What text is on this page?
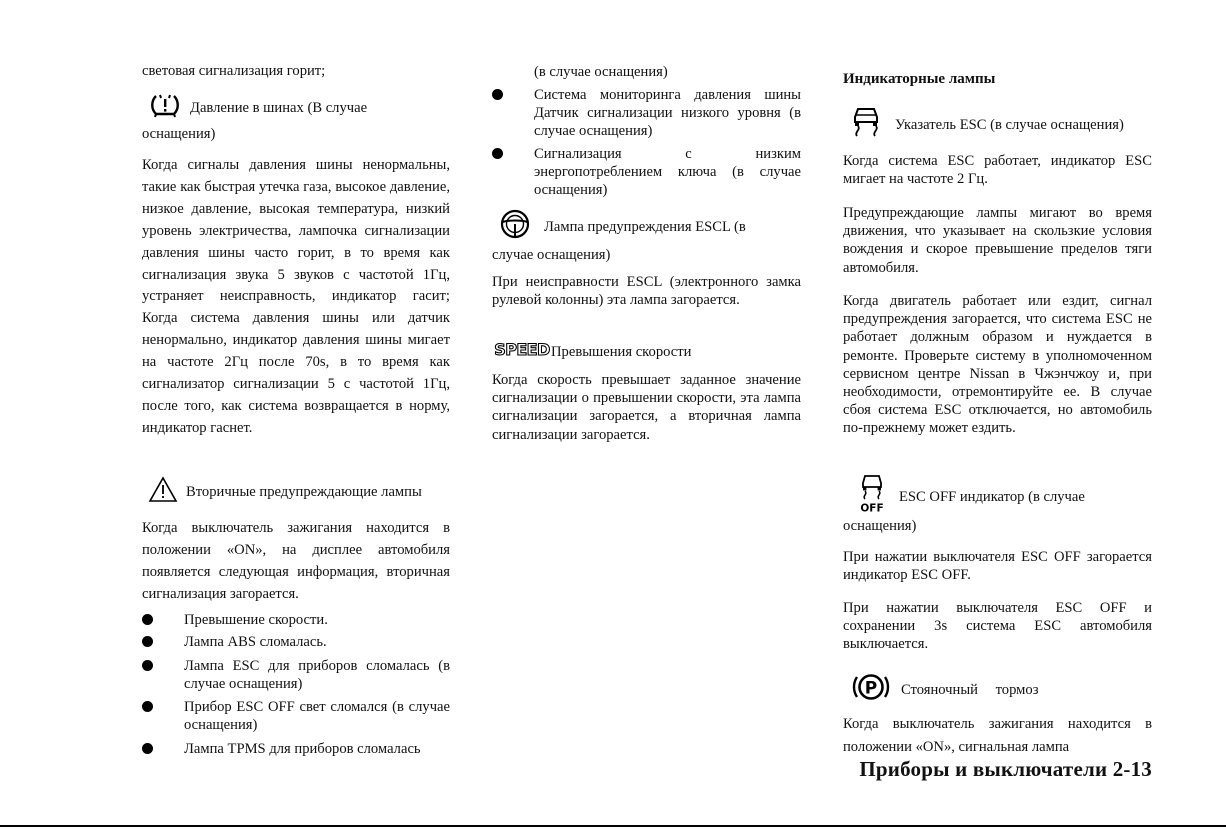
световая сигнализация горит;
Давление в шинах (В случае
оснащения)

Когда сигналы давления шины ненормальны, такие как быстрая утечка газа, высокое давление, низкое давление, высокая температура, низкий уровень электричества, лампочка сигнализации давления шины часто горит, в то время как сигнализация звука 5 звуков с частотой 1Гц, устраняет неисправность, индикатор гасит; Когда система давления шины или датчик ненормально, индикатор давления шины мигает на частоте 2Гц после 70s, в то время как сигнализатор сигнализации 5 с частотой 1Гц, после того, как система возвращается в норму, индикатор гаснет.

Вторичные предупреждающие лампы

Когда выключатель зажигания находится в положении «ON», на дисплее автомобиля появляется следующая информация, вторичная сигнализация загорается.

Превышение скорости.
Лампа ABS сломалась.
Лампа ESC для приборов сломалась (в случае оснащения)
Прибор ESC OFF свет сломался (в случае оснащения)
Лампа TPMS для приборов сломалась
(в случае оснащения)
Система мониторинга давления шины Датчик сигнализации низкого уровня (в случае оснащения)
Сигнализация с низким энергопотреблением ключа (в случае оснащения)
Лампа предупреждения ESCL (в
случае оснащения)

При неисправности ESCL (электронного замка рулевой колонны) эта лампа загорается.

SPEED Превышения скорости

Когда скорость превышает заданное значение сигнализации о превышении скорости, эта лампа сигнализации загорается, а вторичная лампа сигнализации загорается.

Индикаторные лампы
Указатель ESC (в случае оснащения)

Когда система ESC работает, индикатор ESC мигает на частоте 2 Гц.

Предупреждающие лампы мигают во время движения, что указывает на скользкие условия вождения и скорое превышение пределов тяги автомобиля.

Когда двигатель работает или ездит, сигнал предупреждения загорается, что система ESC не работает должным образом и нуждается в ремонте. Проверьте систему в уполномоченном сервисном центре Nissan в Чжэнчжоу и, при необходимости, отремонтируйте ее. В случае сбоя система ESC отключается, но автомобиль по-прежнему может ездить.

OFF
ESC OFF индикатор (в случае
оснащения)

При нажатии выключателя ESC OFF загорается индикатор ESC OFF.

При нажатии выключателя ESC OFF и сохранении 3s система ESC автомобиля выключается.

P Стояночный тормоз

Когда выключатель зажигания находится в положении «ON», сигнальная лампа

Приборы и выключатели 2-13
